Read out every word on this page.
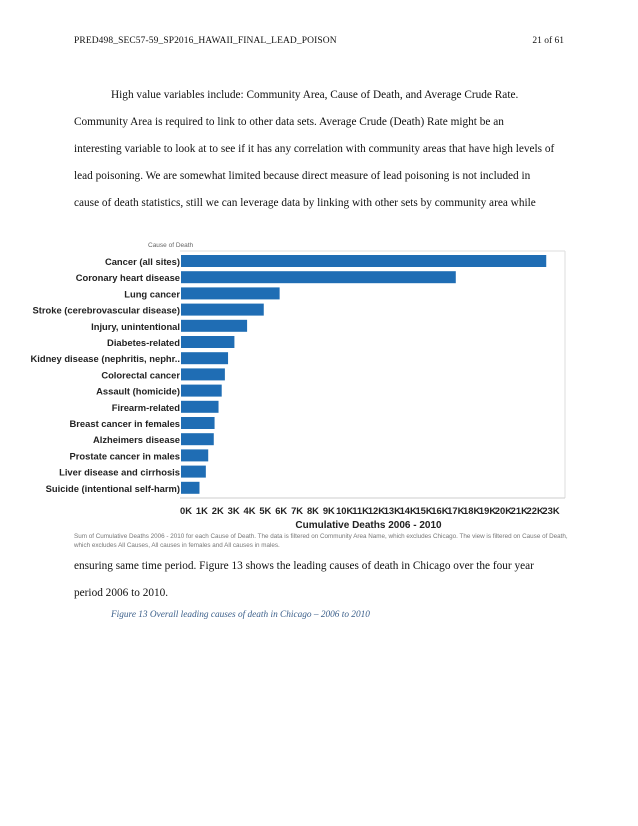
PRED498_SEC57-59_SP2016_HAWAII_FINAL_LEAD_POISON	21 of 61

High value variables include: Community Area, Cause of Death, and Average Crude Rate.

Community Area is required to link to other data sets. Average Crude (Death) Rate might be an

interesting variable to look at to see if it has any correlation with community areas that have high levels of

lead poisoning. We are somewhat limited because direct measure of lead poisoning is not included in

cause of death statistics, still we can leverage data by linking with other sets by community area while

Cause of Death
Cancer (all sites)
Coronary heart disease
Lung cancer
Stroke (cerebrovascular disease)
Injury, unintentional
Diabetes-related
Kidney disease (nephritis, nephr..
Colorectal cancer
Assault (homicide)
Firearm-related
Breast cancer in females
Alzheimers disease
Prostate cancer in males
Liver disease and cirrhosis
Suicide (intentional self-harm)
0K 1K 2K 3K 4K 5K 6K 7K 8K 9K 10K
11K
12K
13K
14K
15K
16K
17K
18K
19K
20K
21K
22K
23K
Cumulative Deaths 2006 - 2010
Sum of Cumulative Deaths 2006 - 2010 for each Cause of Death. The data is filtered on Community Area Name, which excludes Chicago. The view is filtered on Cause of Death, which excludes All Causes, All causes in females and All causes in males.

ensuring same time period. Figure 13 shows the leading causes of death in Chicago over the four year

period 2006 to 2010.

Figure 13 Overall leading causes of death in Chicago – 2006 to 2010
